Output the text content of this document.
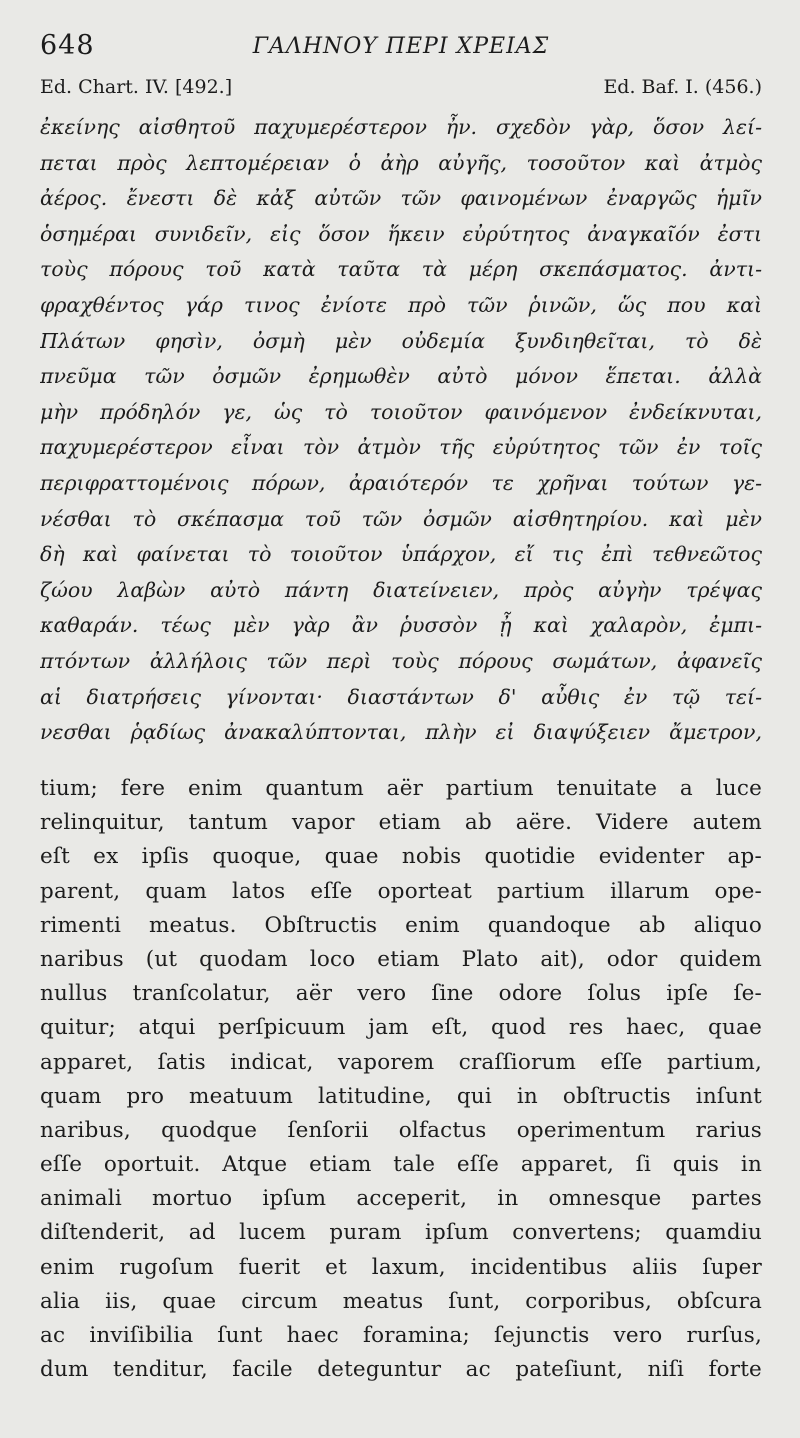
648	ΓΑΛΗΝΟΥ ΠΕΡΙ ΧΡΕΙΑΣ
Ed. Chart. IV. [492.]	Ed. Baf. I. (456.)
ἐκείνης αἰσθητοῦ παχυμερέστερον ἦν. σχεδὸν γὰρ, ὅσον λεί-
πεται πρὸς λεπτομέρειαν ὁ ἀὴρ αὐγῆς, τοσοῦτον καὶ ἀτμὸς
ἀέρος. ἔνεστι δὲ κἀξ αὐτῶν τῶν φαινομένων ἐναργῶς ἡμῖν
ὁσημέραι συνιδεῖν, εἰς ὅσον ἥκειν εὐρύτητος ἀναγκαῖόν ἐστι
τοὺς πόρους τοῦ κατὰ ταῦτα τὰ μέρη σκεπάσματος. ἀντι-
φραχθέντος γάρ τινος ἐνίοτε πρὸ τῶν ῥινῶν, ὥς που καὶ
Πλάτων φησὶν, ὀσμὴ μὲν οὐδεμία ξυνδιηθεῖται, τὸ δὲ
πνεῦμα τῶν ὀσμῶν ἐρημωθὲν αὐτὸ μόνον ἕπεται. ἀλλὰ
μὴν πρόδηλόν γε, ὡς τὸ τοιοῦτον φαινόμενον ἐνδείκνυται,
παχυμερέστερον εἶναι τὸν ἀτμὸν τῆς εὐρύτητος τῶν ἐν τοῖς
περιφραττομένοις πόρων, ἀραιότερόν τε χρῆναι τούτων γε-
νέσθαι τὸ σκέπασμα τοῦ τῶν ὀσμῶν αἰσθητηρίου. καὶ μὲν
δὴ καὶ φαίνεται τὸ τοιοῦτον ὑπάρχον, εἴ τις ἐπὶ τεθνεῶτος
ζώου λαβὼν αὐτὸ πάντη διατείνειεν, πρὸς αὐγὴν τρέψας
καθαράν. τέως μὲν γὰρ ἂν ῥυσσὸν ᾖ καὶ χαλαρὸν, ἐμπι-
πτόντων ἀλλήλοις τῶν περὶ τοὺς πόρους σωμάτων, ἀφανεῖς
αἱ διατρήσεις γίνονται· διαστάντων δ' αὖθις ἐν τῷ τεί-
νεσθαι ῥᾳδίως ἀνακαλύπτονται, πλὴν εἰ διαψύξειεν ἄμετρον,
tium; fere enim quantum aër partium tenuitate a luce
relinquitur, tantum vapor etiam ab aëre. Videre autem
eſt ex ipſis quoque, quae nobis quotidie evidenter ap-
parent, quam latos eſſe oporteat partium illarum ope-
rimenti meatus. Obſtructis enim quandoque ab aliquo
naribus (ut quodam loco etiam Plato ait), odor quidem
nullus tranſcolatur, aër vero ſine odore ſolus ipſe ſe-
quitur; atqui perſpicuum jam eſt, quod res haec, quae
apparet, ſatis indicat, vaporem craſſiorum eſſe partium,
quam pro meatuum latitudine, qui in obſtructis inſunt
naribus, quodque ſenſorii olfactus operimentum rarius
eſſe oportuit. Atque etiam tale eſſe apparet, ſi quis in
animali mortuo ipſum acceperit, in omnesque partes
diſtenderit, ad lucem puram ipſum convertens; quamdiu
enim rugoſum fuerit et laxum, incidentibus aliis ſuper
alia iis, quae circum meatus ſunt, corporibus, obſcura
ac inviſibilia ſunt haec foramina; ſejunctis vero rurſus,
dum tenditur, facile deteguntur ac pateſiunt, niſi forte
